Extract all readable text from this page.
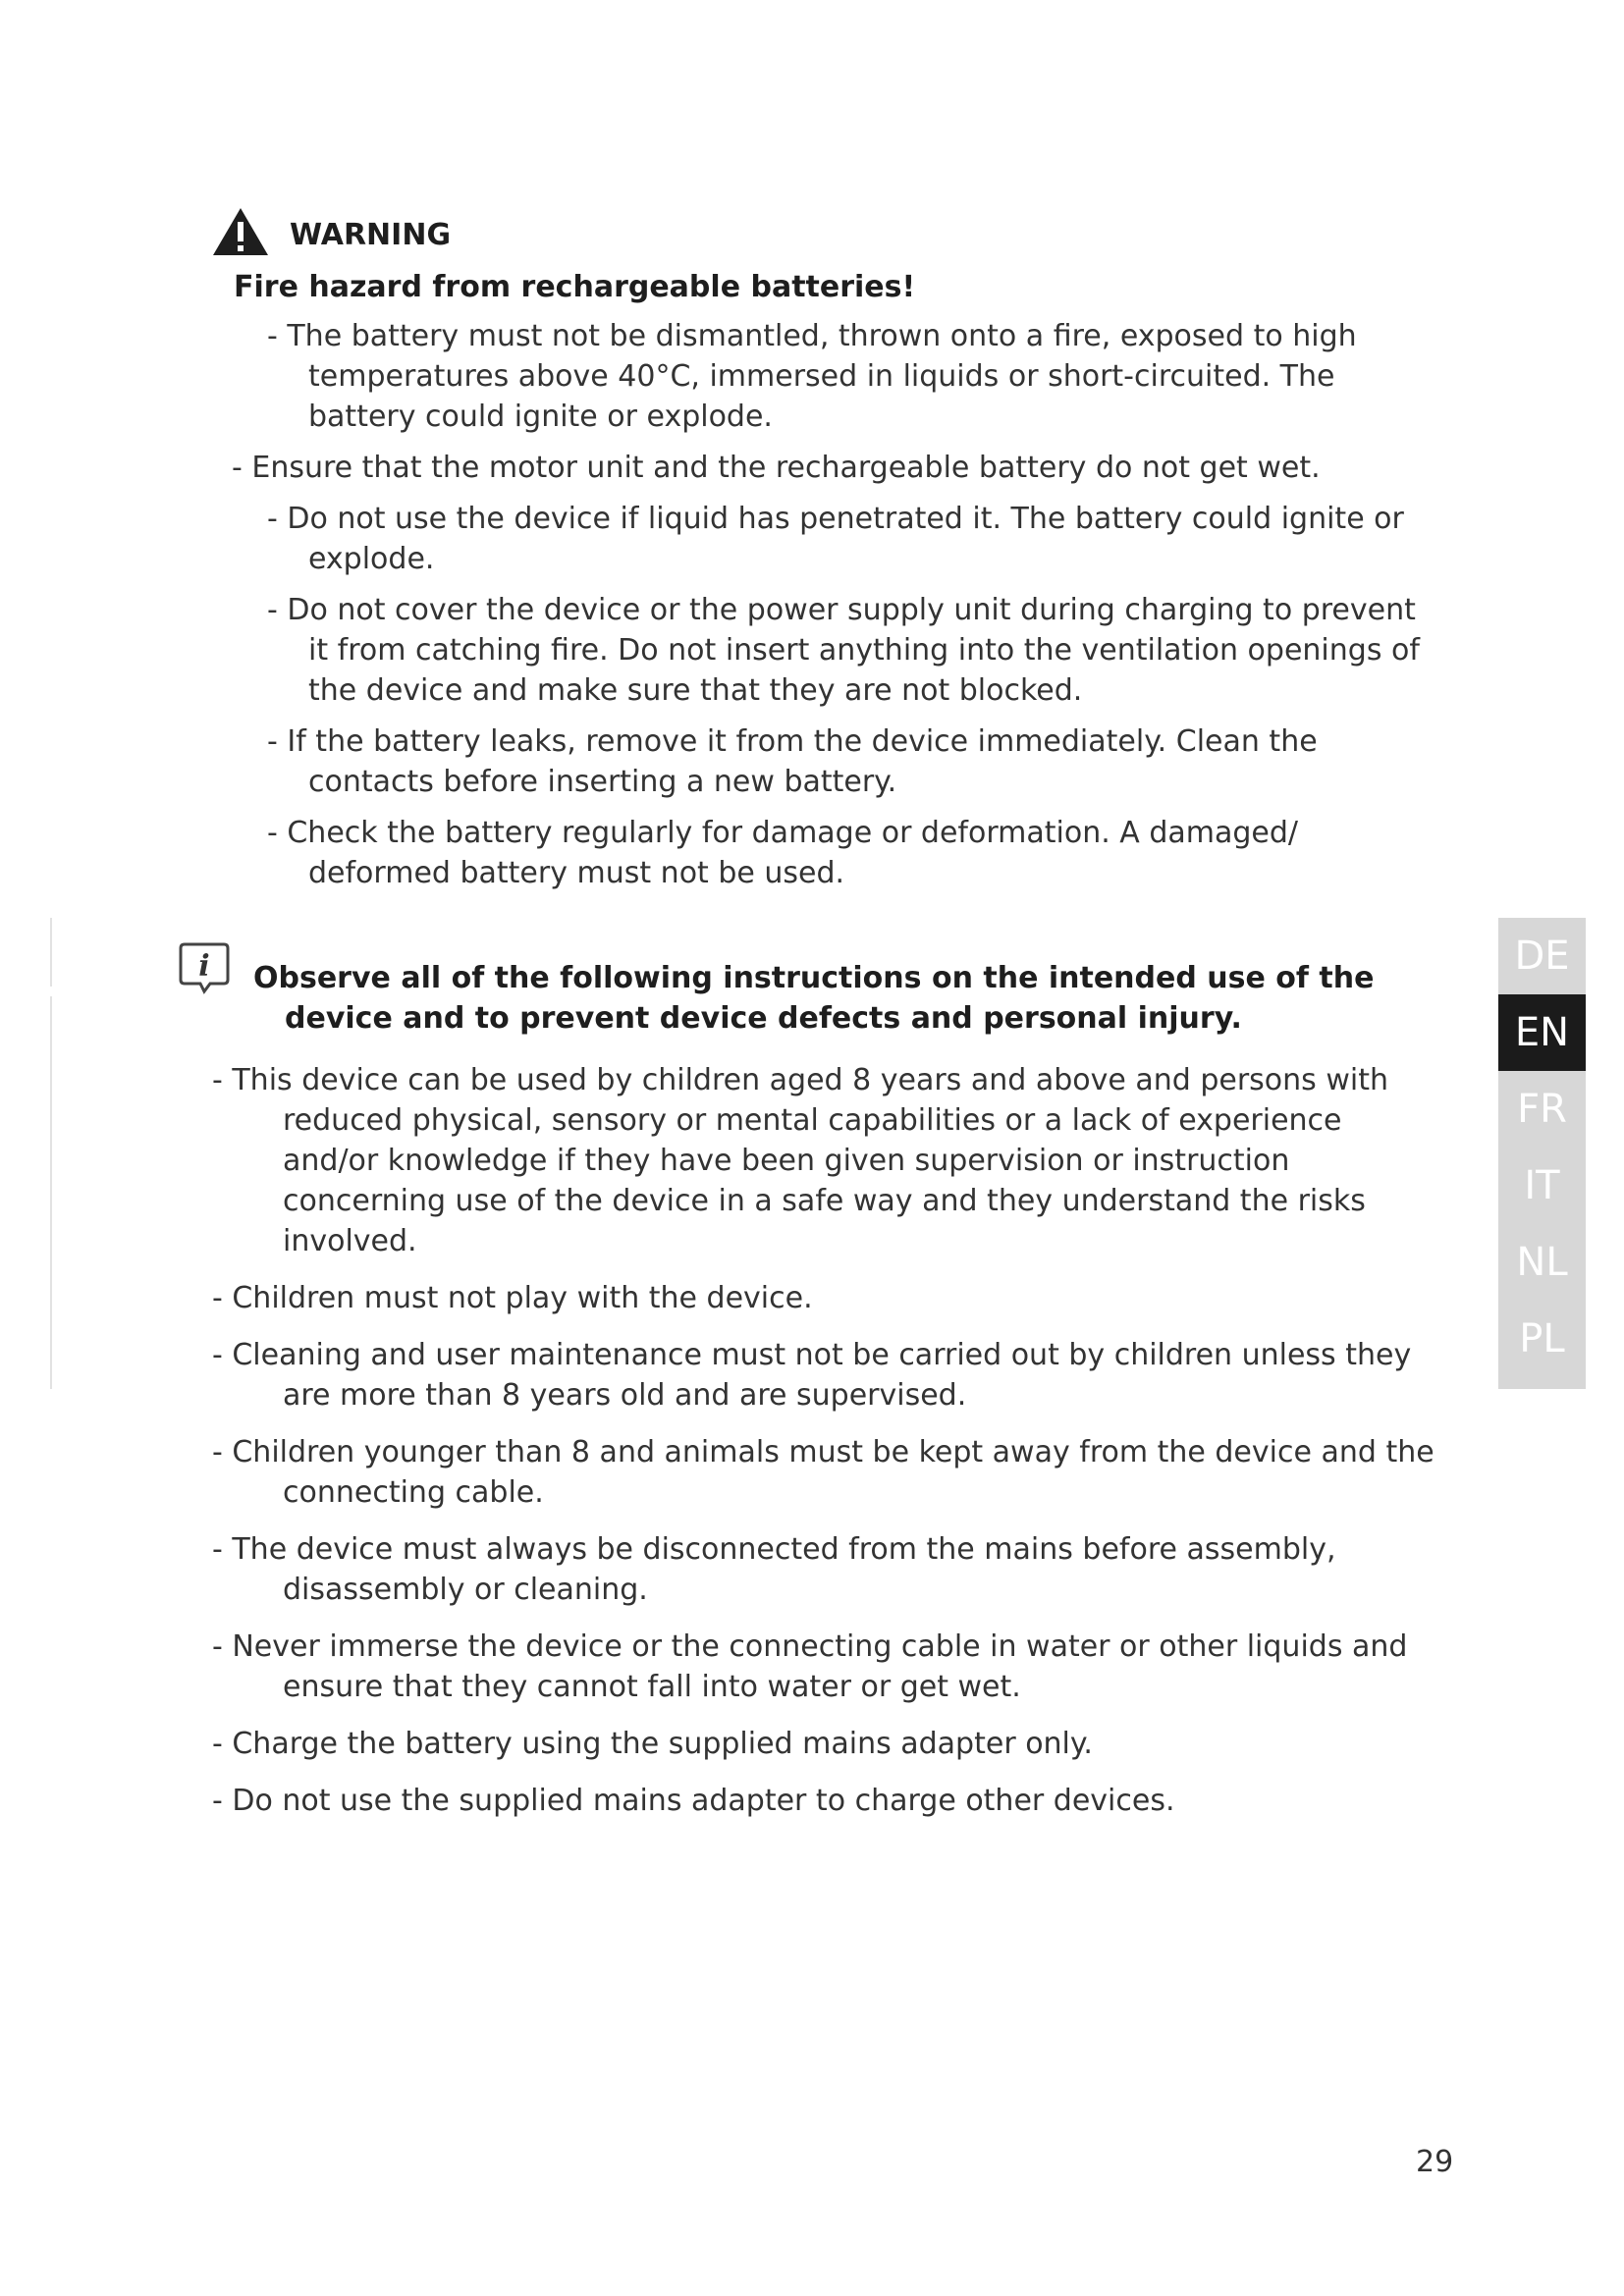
WARNING
Fire hazard from rechargeable batteries!
- The battery must not be dismantled, thrown onto a fire, exposed to high temperatures above 40°C, immersed in liquids or short-circuited. The battery could ignite or explode.
- Ensure that the motor unit and the rechargeable battery do not get wet.
- Do not use the device if liquid has penetrated it. The battery could ignite or explode.
- Do not cover the device or the power supply unit during charging to prevent it from catching fire. Do not insert anything into the ventilation openings of the device and make sure that they are not blocked.
- If the battery leaks, remove it from the device immediately. Clean the contacts before inserting a new battery.
- Check the battery regularly for damage or deformation. A damaged/ deformed battery must not be used.
i Observe all of the following instructions on the intended use of the
device and to prevent device defects and personal injury.
- This device can be used by children aged 8 years and above and persons with reduced physical, sensory or mental capabilities or a lack of experience and/or knowledge if they have been given supervision or instruction concerning use of the device in a safe way and they understand the risks involved.
- Children must not play with the device.
- Cleaning and user maintenance must not be carried out by children unless they are more than 8 years old and are supervised.
- Children younger than 8 and animals must be kept away from the device and the connecting cable.
- The device must always be disconnected from the mains before assembly, disassembly or cleaning.
- Never immerse the device or the connecting cable in water or other liquids and ensure that they cannot fall into water or get wet.
- Charge the battery using the supplied mains adapter only.
- Do not use the supplied mains adapter to charge other devices.
DE
EN
FR
IT
NL
PL
29
